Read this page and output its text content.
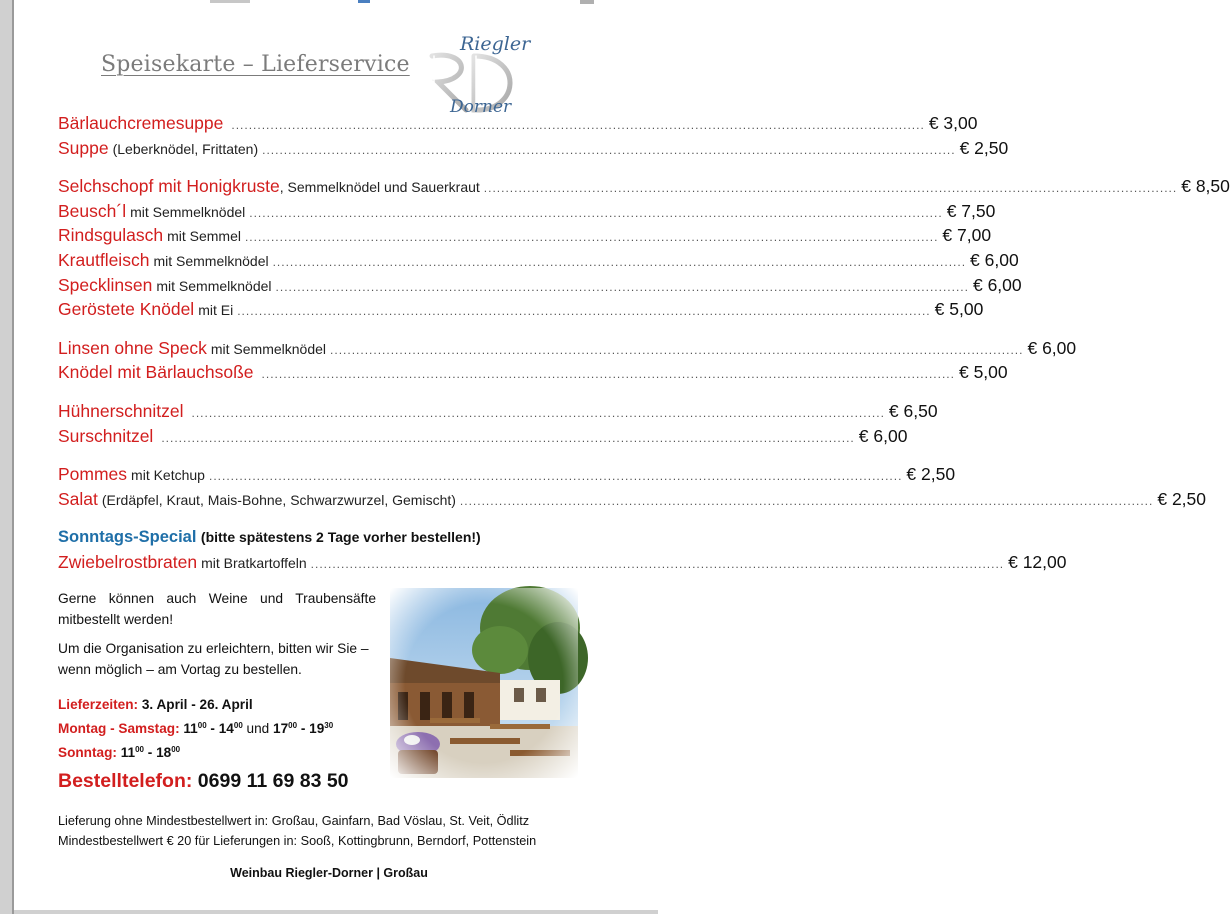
Speisekarte – Lieferservice
Riegler
Dorner
Bärlauchcremesuppe ................................................................................................................................................................ € 3,00
Suppe (Leberknödel, Frittaten) ................................................................................................................................................................ € 2,50
Selchschopf mit Honigkruste , Semmelknödel und Sauerkraut ................................................................................................................................................................ € 8,50
Beusch´l mit Semmelknödel ................................................................................................................................................................ € 7,50
Rindsgulasch mit Semmel ................................................................................................................................................................ € 7,00
Krautfleisch mit Semmelknödel ................................................................................................................................................................ € 6,00
Specklinsen mit Semmelknödel ................................................................................................................................................................ € 6,00
Geröstete Knödel mit Ei ................................................................................................................................................................ € 5,00
Linsen ohne Speck mit Semmelknödel ................................................................................................................................................................ € 6,00
Knödel mit Bärlauchsoße ................................................................................................................................................................ € 5,00
Hühnerschnitzel ................................................................................................................................................................ € 6,50
Surschnitzel ................................................................................................................................................................ € 6,00
Pommes mit Ketchup ................................................................................................................................................................ € 2,50
Salat (Erdäpfel, Kraut, Mais-Bohne, Schwarzwurzel, Gemischt) ................................................................................................................................................................ € 2,50
Sonntags-Special (bitte spätestens 2 Tage vorher bestellen!)
Zwiebelrostbraten mit Bratkartoffeln ................................................................................................................................................................ € 12,00
Gerne können auch Weine und Traubensäfte mitbestellt werden!
Um die Organisation zu erleichtern, bitten wir Sie – wenn möglich – am Vortag zu bestellen.
Lieferzeiten: 3. April - 26. April
Montag - Samstag: $11^{00} - 14^{00}$ und $17^{00} - 19^{30}$
Sonntag: $11^{00} - 18^{00}$
Bestelltelefon: 0699 11 69 83 50
Lieferung ohne Mindestbestellwert in: Großau, Gainfarn, Bad Vöslau, St. Veit, Ödlitz
Mindestbestellwert € 20 für Lieferungen in: Sooß, Kottingbrunn, Berndorf, Pottenstein
Weinbau Riegler-Dorner | Großau
